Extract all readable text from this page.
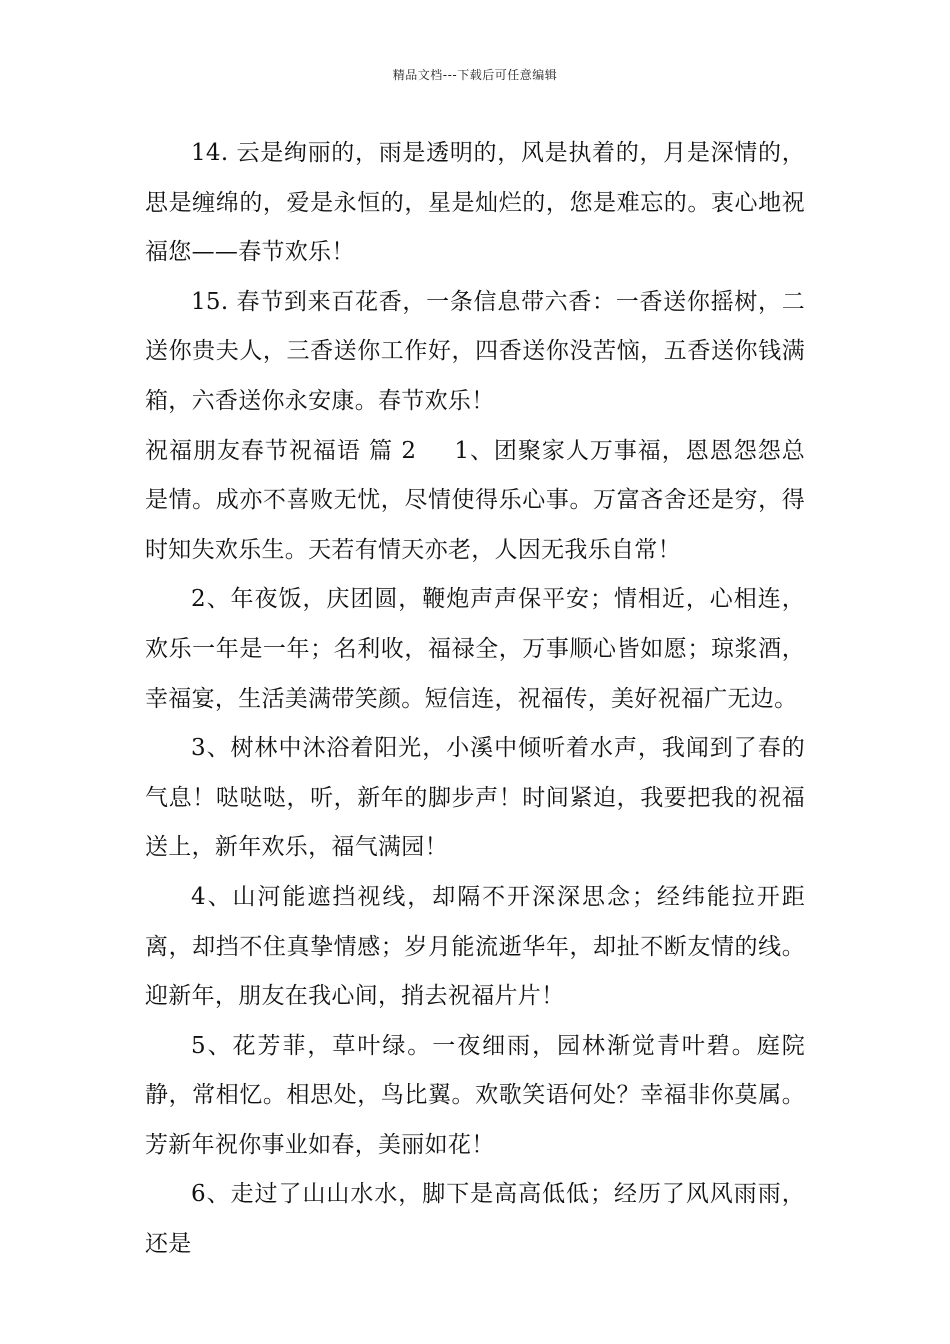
精品文档---下载后可任意编辑

14. 云是绚丽的，雨是透明的，风是执着的，月是深情的，思是缠绵的，爱是永恒的，星是灿烂的，您是难忘的。衷心地祝福您——春节欢乐！

15. 春节到来百花香，一条信息带六香：一香送你摇树，二送你贵夫人，三香送你工作好，四香送你没苦恼，五香送你钱满箱，六香送你永安康。春节欢乐！

祝福朋友春节祝福语 篇 2 1、团聚家人万事福，恩恩怨怨总是情。成亦不喜败无忧，尽情使得乐心事。万富吝舍还是穷，得时知失欢乐生。天若有情天亦老，人因无我乐自常！

2、年夜饭，庆团圆，鞭炮声声保平安；情相近，心相连，欢乐一年是一年；名利收，福禄全，万事顺心皆如愿；琼浆酒，幸福宴，生活美满带笑颜。短信连，祝福传，美好祝福广无边。

3、树林中沐浴着阳光，小溪中倾听着水声，我闻到了春的气息！哒哒哒，听，新年的脚步声！时间紧迫，我要把我的祝福送上，新年欢乐，福气满园！

4、山河能遮挡视线，却隔不开深深思念；经纬能拉开距离，却挡不住真挚情感；岁月能流逝华年，却扯不断友情的线。迎新年，朋友在我心间，捎去祝福片片！

5、花芳菲，草叶绿。一夜细雨，园林渐觉青叶碧。庭院静，常相忆。相思处，鸟比翼。欢歌笑语何处？幸福非你莫属。芳新年祝你事业如春，美丽如花！

6、走过了山山水水，脚下是高高低低；经历了风风雨雨，还是
